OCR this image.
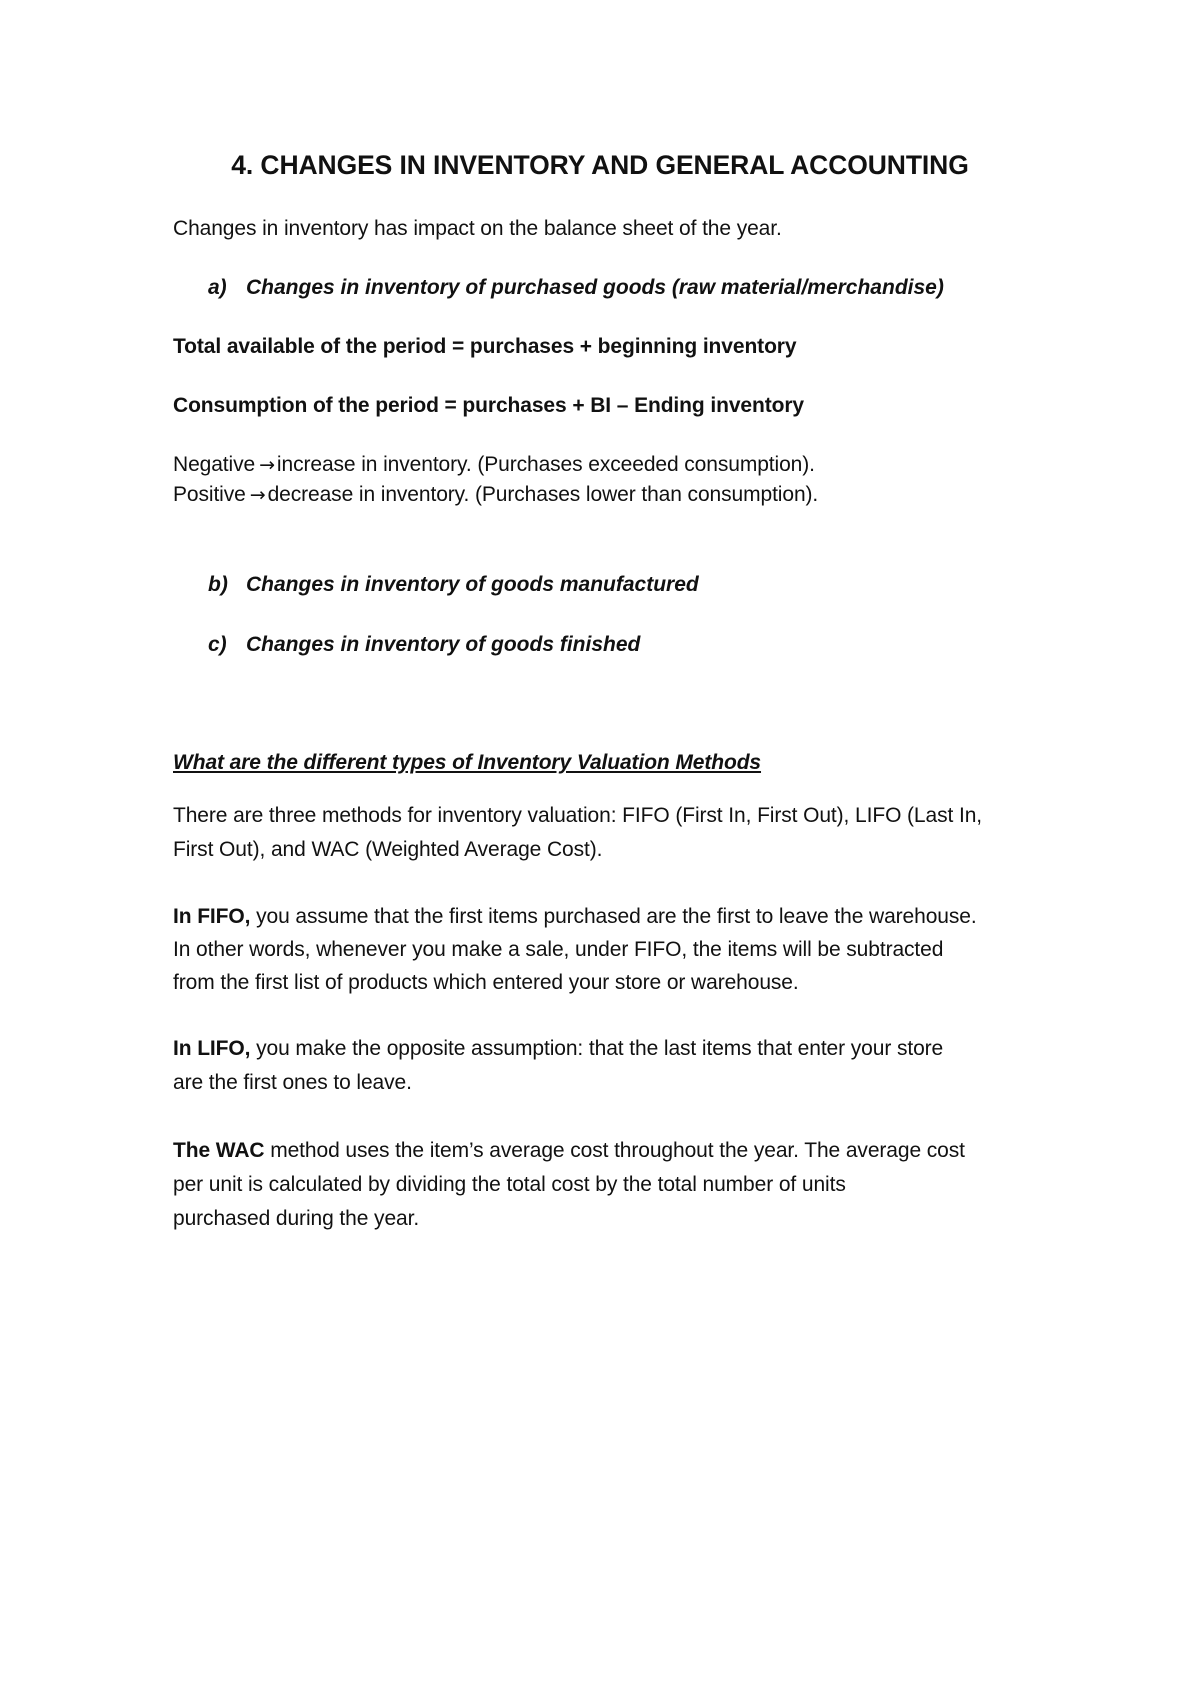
4. CHANGES IN INVENTORY AND GENERAL ACCOUNTING
Changes in inventory has impact on the balance sheet of the year.
a) Changes in inventory of purchased goods (raw material/merchandise)
Total available of the period = purchases + beginning inventory
Consumption of the period = purchases + BI – Ending inventory
Negative →increase in inventory. (Purchases exceeded consumption).
Positive →decrease in inventory. (Purchases lower than consumption).
b) Changes in inventory of goods manufactured
c) Changes in inventory of goods finished
What are the different types of Inventory Valuation Methods
There are three methods for inventory valuation: FIFO (First In, First Out), LIFO (Last In,
First Out), and WAC (Weighted Average Cost).
In FIFO, you assume that the first items purchased are the first to leave the warehouse.
In other words, whenever you make a sale, under FIFO, the items will be subtracted
from the first list of products which entered your store or warehouse.
In LIFO, you make the opposite assumption: that the last items that enter your store
are the first ones to leave.
The WAC method uses the item’s average cost throughout the year. The average cost
per unit is calculated by dividing the total cost by the total number of units
purchased during the year.
